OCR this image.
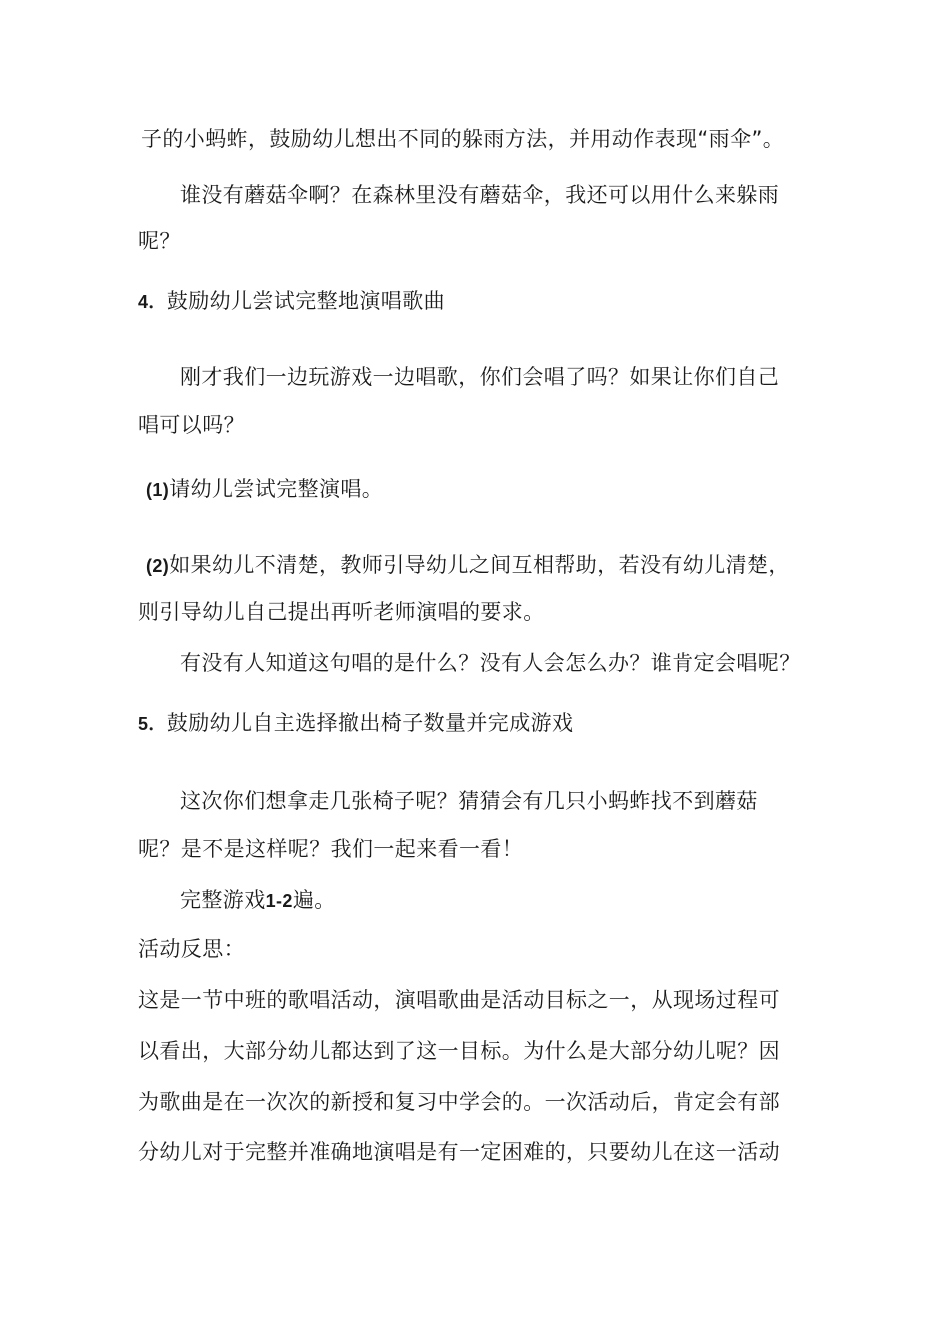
子的小蚂蚱，鼓励幼儿想出不同的躲雨方法，并用动作表现“雨伞”。
谁没有蘑菇伞啊？在森林里没有蘑菇伞，我还可以用什么来躲雨
呢？
4．鼓励幼儿尝试完整地演唱歌曲
刚才我们一边玩游戏一边唱歌，你们会唱了吗？如果让你们自己
唱可以吗？
(1)请幼儿尝试完整演唱。
(2)如果幼儿不清楚，教师引导幼儿之间互相帮助，若没有幼儿清楚，
则引导幼儿自己提出再听老师演唱的要求。
有没有人知道这句唱的是什么？没有人会怎么办？谁肯定会唱呢？
5．鼓励幼儿自主选择撤出椅子数量并完成游戏
这次你们想拿走几张椅子呢？猜猜会有几只小蚂蚱找不到蘑菇
呢？是不是这样呢？我们一起来看一看！
完整游戏1-2遍。
活动反思：
这是一节中班的歌唱活动，演唱歌曲是活动目标之一，从现场过程可
以看出，大部分幼儿都达到了这一目标。为什么是大部分幼儿呢？因
为歌曲是在一次次的新授和复习中学会的。一次活动后，肯定会有部
分幼儿对于完整并准确地演唱是有一定困难的，只要幼儿在这一活动
